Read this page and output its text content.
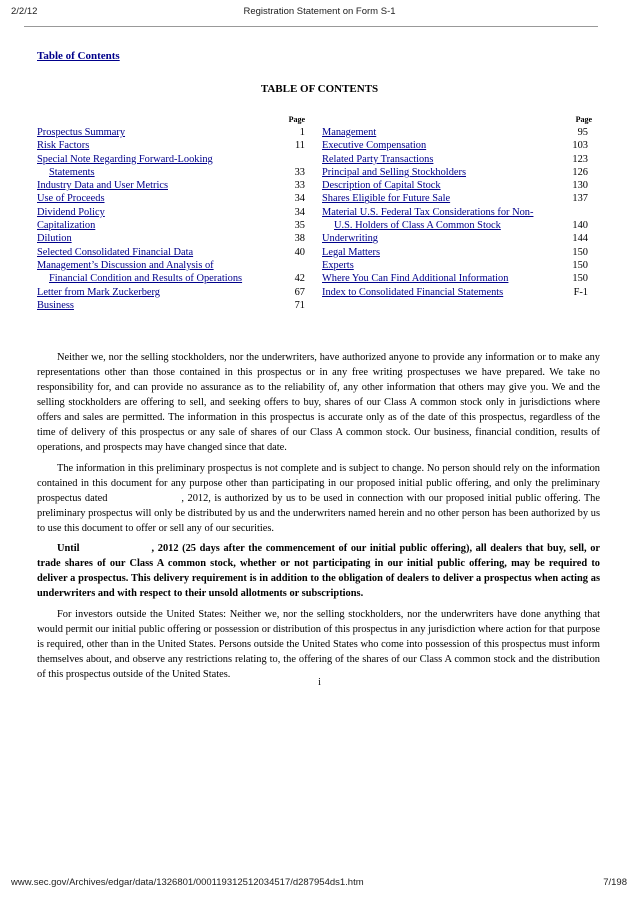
2/2/12	Registration Statement on Form S-1
Table of Contents
TABLE OF CONTENTS
Page
Prospectus Summary	1
Risk Factors	11
Special Note Regarding Forward-Looking
Statements	33
Industry Data and User Metrics	33
Use of Proceeds	34
Dividend Policy	34
Capitalization	35
Dilution	38
Selected Consolidated Financial Data	40
Management’s Discussion and Analysis of
Financial Condition and Results of Operations	42
Letter from Mark Zuckerberg	67
Business	71
Page
Management	95
Executive Compensation	103
Related Party Transactions	123
Principal and Selling Stockholders	126
Description of Capital Stock	130
Shares Eligible for Future Sale	137
Material U.S. Federal Tax Considerations for Non-
U.S. Holders of Class A Common Stock	140
Underwriting	144
Legal Matters	150
Experts	150
Where You Can Find Additional Information	150
Index to Consolidated Financial Statements	F-1

Neither we, nor the selling stockholders, nor the underwriters, have authorized anyone to provide any information or to make any representations other than those contained in this prospectus or in any free writing prospectuses we have prepared. We take no responsibility for, and can provide no assurance as to the reliability of, any other information that others may give you. We and the selling stockholders are offering to sell, and seeking offers to buy, shares of our Class A common stock only in jurisdictions where offers and sales are permitted. The information in this prospectus is accurate only as of the date of this prospectus, regardless of the time of delivery of this prospectus or any sale of shares of our Class A common stock. Our business, financial condition, results of operations, and prospects may have changed since that date.

The information in this preliminary prospectus is not complete and is subject to change. No person should rely on the information contained in this document for any purpose other than participating in our proposed initial public offering, and only the preliminary prospectus dated	, 2012, is authorized by us to be used in connection with our proposed initial public offering. The preliminary prospectus will only be distributed by us and the underwriters named herein and no other person has been authorized by us to use this document to offer or sell any of our securities.

Until	, 2012 (25 days after the commencement of our initial public offering), all dealers that buy, sell, or trade shares of our Class A common stock, whether or not participating in our initial public offering, may be required to deliver a prospectus. This delivery requirement is in addition to the obligation of dealers to deliver a prospectus when acting as underwriters and with respect to their unsold allotments or subscriptions.

For investors outside the United States: Neither we, nor the selling stockholders, nor the underwriters have done anything that would permit our initial public offering or possession or distribution of this prospectus in any jurisdiction where action for that purpose is required, other than in the United States. Persons outside the United States who come into possession of this prospectus must inform themselves about, and observe any restrictions relating to, the offering of the shares of our Class A common stock and the distribution of this prospectus outside of the United States.

i
www.sec.gov/Archives/edgar/data/1326801/000119312512034517/d287954ds1.htm	7/198
